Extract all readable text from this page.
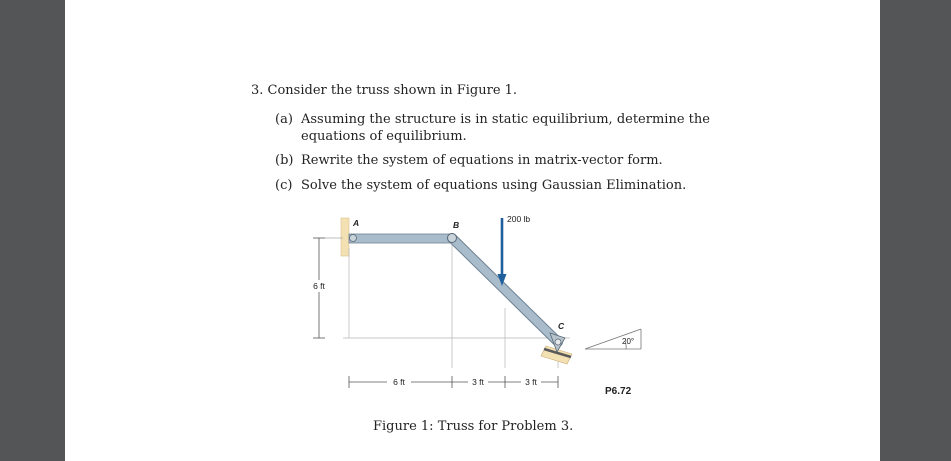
3. Consider the truss shown in Figure 1.
(a) Assuming the structure is in static equilibrium, determine the
equations of equilibrium.
(b) Rewrite the system of equations in matrix-vector form.
(c) Solve the system of equations using Gaussian Elimination.
6 ft
A	B
C
200 lb
20°
6 ft	3 ft	3 ft
P6.72
Figure 1: Truss for Problem 3.
